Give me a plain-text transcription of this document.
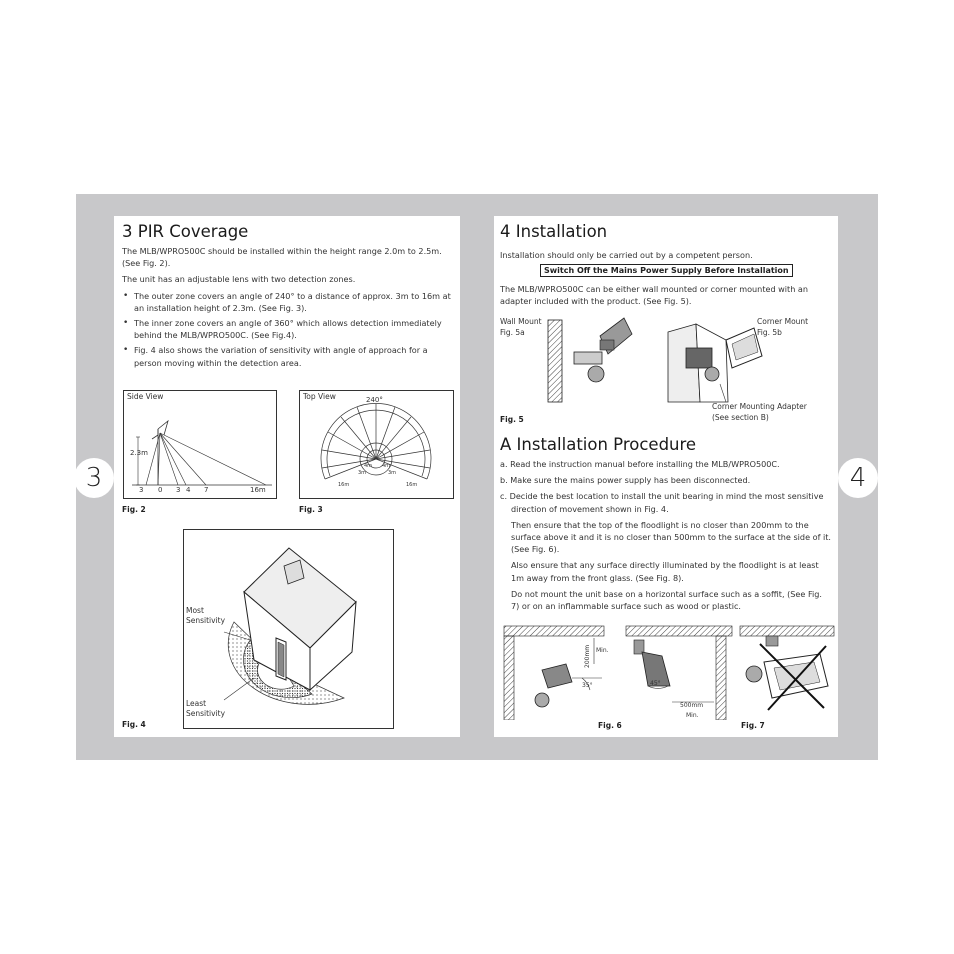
3
3 PIR Coverage

The MLB/WPRO500C should be installed within the height range 2.0m to 2.5m. (See Fig. 2).

The unit has an adjustable lens with two detection zones.

• The outer zone covers an angle of 240° to a distance of approx. 3m to 16m at an installation height of 2.3m. (See Fig. 3).
• The inner zone covers an angle of 360° which allows detection immediately behind the MLB/WPRO500C. (See Fig.4).
• Fig. 4 also shows the variation of sensitivity with angle of approach for a person moving within the detection area.
Side View
2.3m
3 0 3 4 7	16m
Fig. 2
Top View	240°
4m
3m	3m
4m
16m	16m
Fig. 3
Most
Sensitivity
Least
Sensitivity
Fig. 4
4
4 Installation
Installation should only be carried out by a competent person.
Switch Off the Mains Power Supply Before Installation
The MLB/WPRO500C can be either wall mounted or corner mounted with an adapter included with the product. (See Fig. 5).
Wall Mount
Fig. 5a
Corner Mount
Fig. 5b
Corner Mounting Adapter
(See section B)
Fig. 5
A Installation Procedure

a. Read the instruction manual before installing the MLB/WPRO500C.

b. Make sure the mains power supply has been disconnected.

c. Decide the best location to install the unit bearing in mind the most sensitive direction of movement shown in Fig. 4.

Then ensure that the top of the floodlight is no closer than 200mm to the surface above it and it is no closer than 500mm to the surface at the side of it. (See Fig. 6).

Also ensure that any surface directly illuminated by the floodlight is at least 1m away from the front glass. (See Fig. 8).

Do not mount the unit base on a horizontal surface such as a soffit, (See Fig. 7) or on an inflammable surface such as wood or plastic.

200mm Min.
35°	45°
500mm
Min.
Fig. 6	Fig. 7
